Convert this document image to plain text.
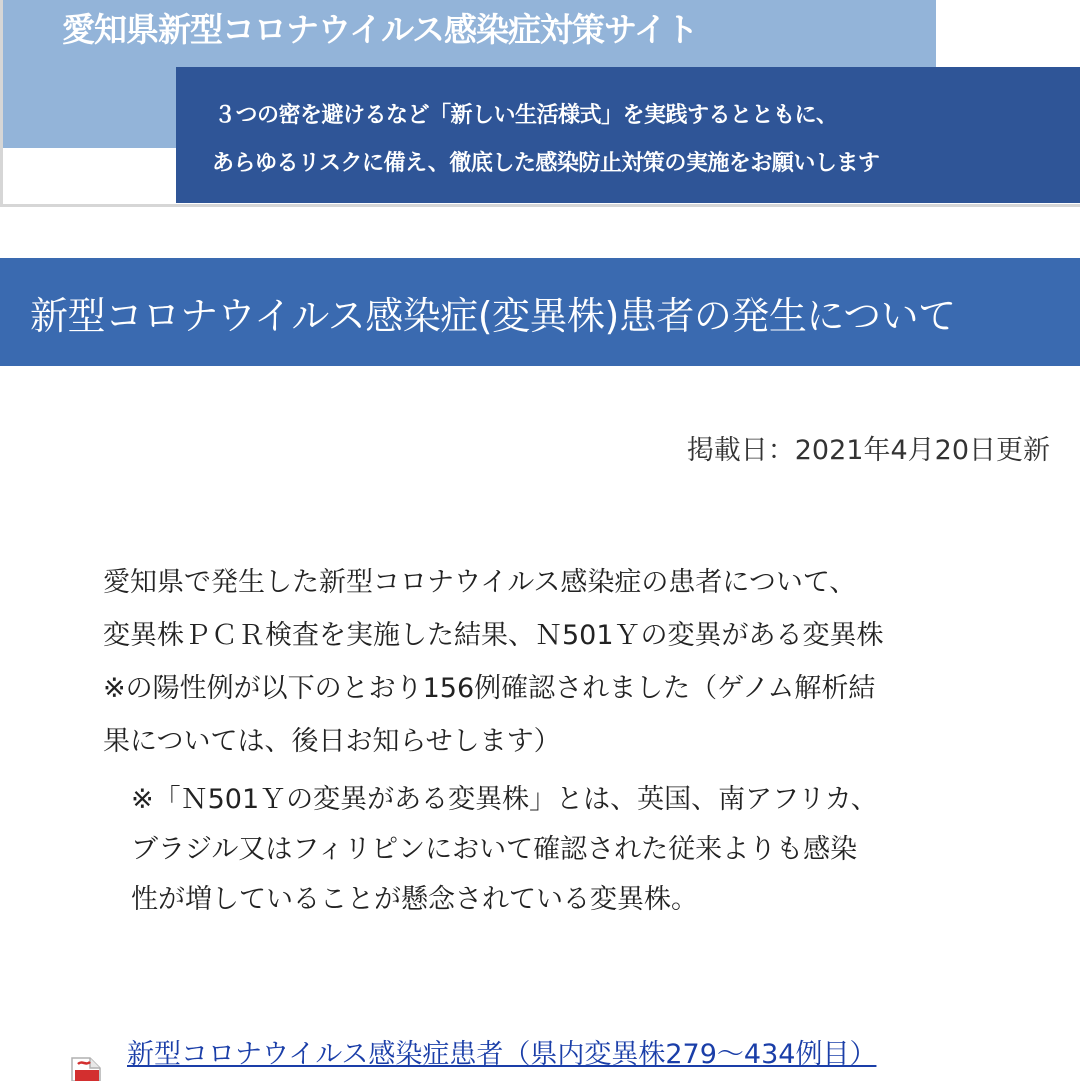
愛知県新型コロナウイルス感染症対策サイト
３つの密を避けるなど「新しい生活様式」を実践するとともに、
あらゆるリスクに備え、徹底した感染防止対策の実施をお願いします
新型コロナウイルス感染症(変異株)患者の発生について
掲載日：2021年4月20日更新
愛知県で発生した新型コロナウイルス感染症の患者について、
変異株ＰＣＲ検査を実施した結果、Ｎ501Ｙの変異がある変異株
※の陽性例が以下のとおり156例確認されました（ゲノム解析結
果については、後日お知らせします）
※「Ｎ501Ｙの変異がある変異株」とは、英国、南アフリカ、
ブラジル又はフィリピンにおいて確認された従来よりも感染
性が増していることが懸念されている変異株。
新型コロナウイルス感染症患者（県内変異株279～434例目）
